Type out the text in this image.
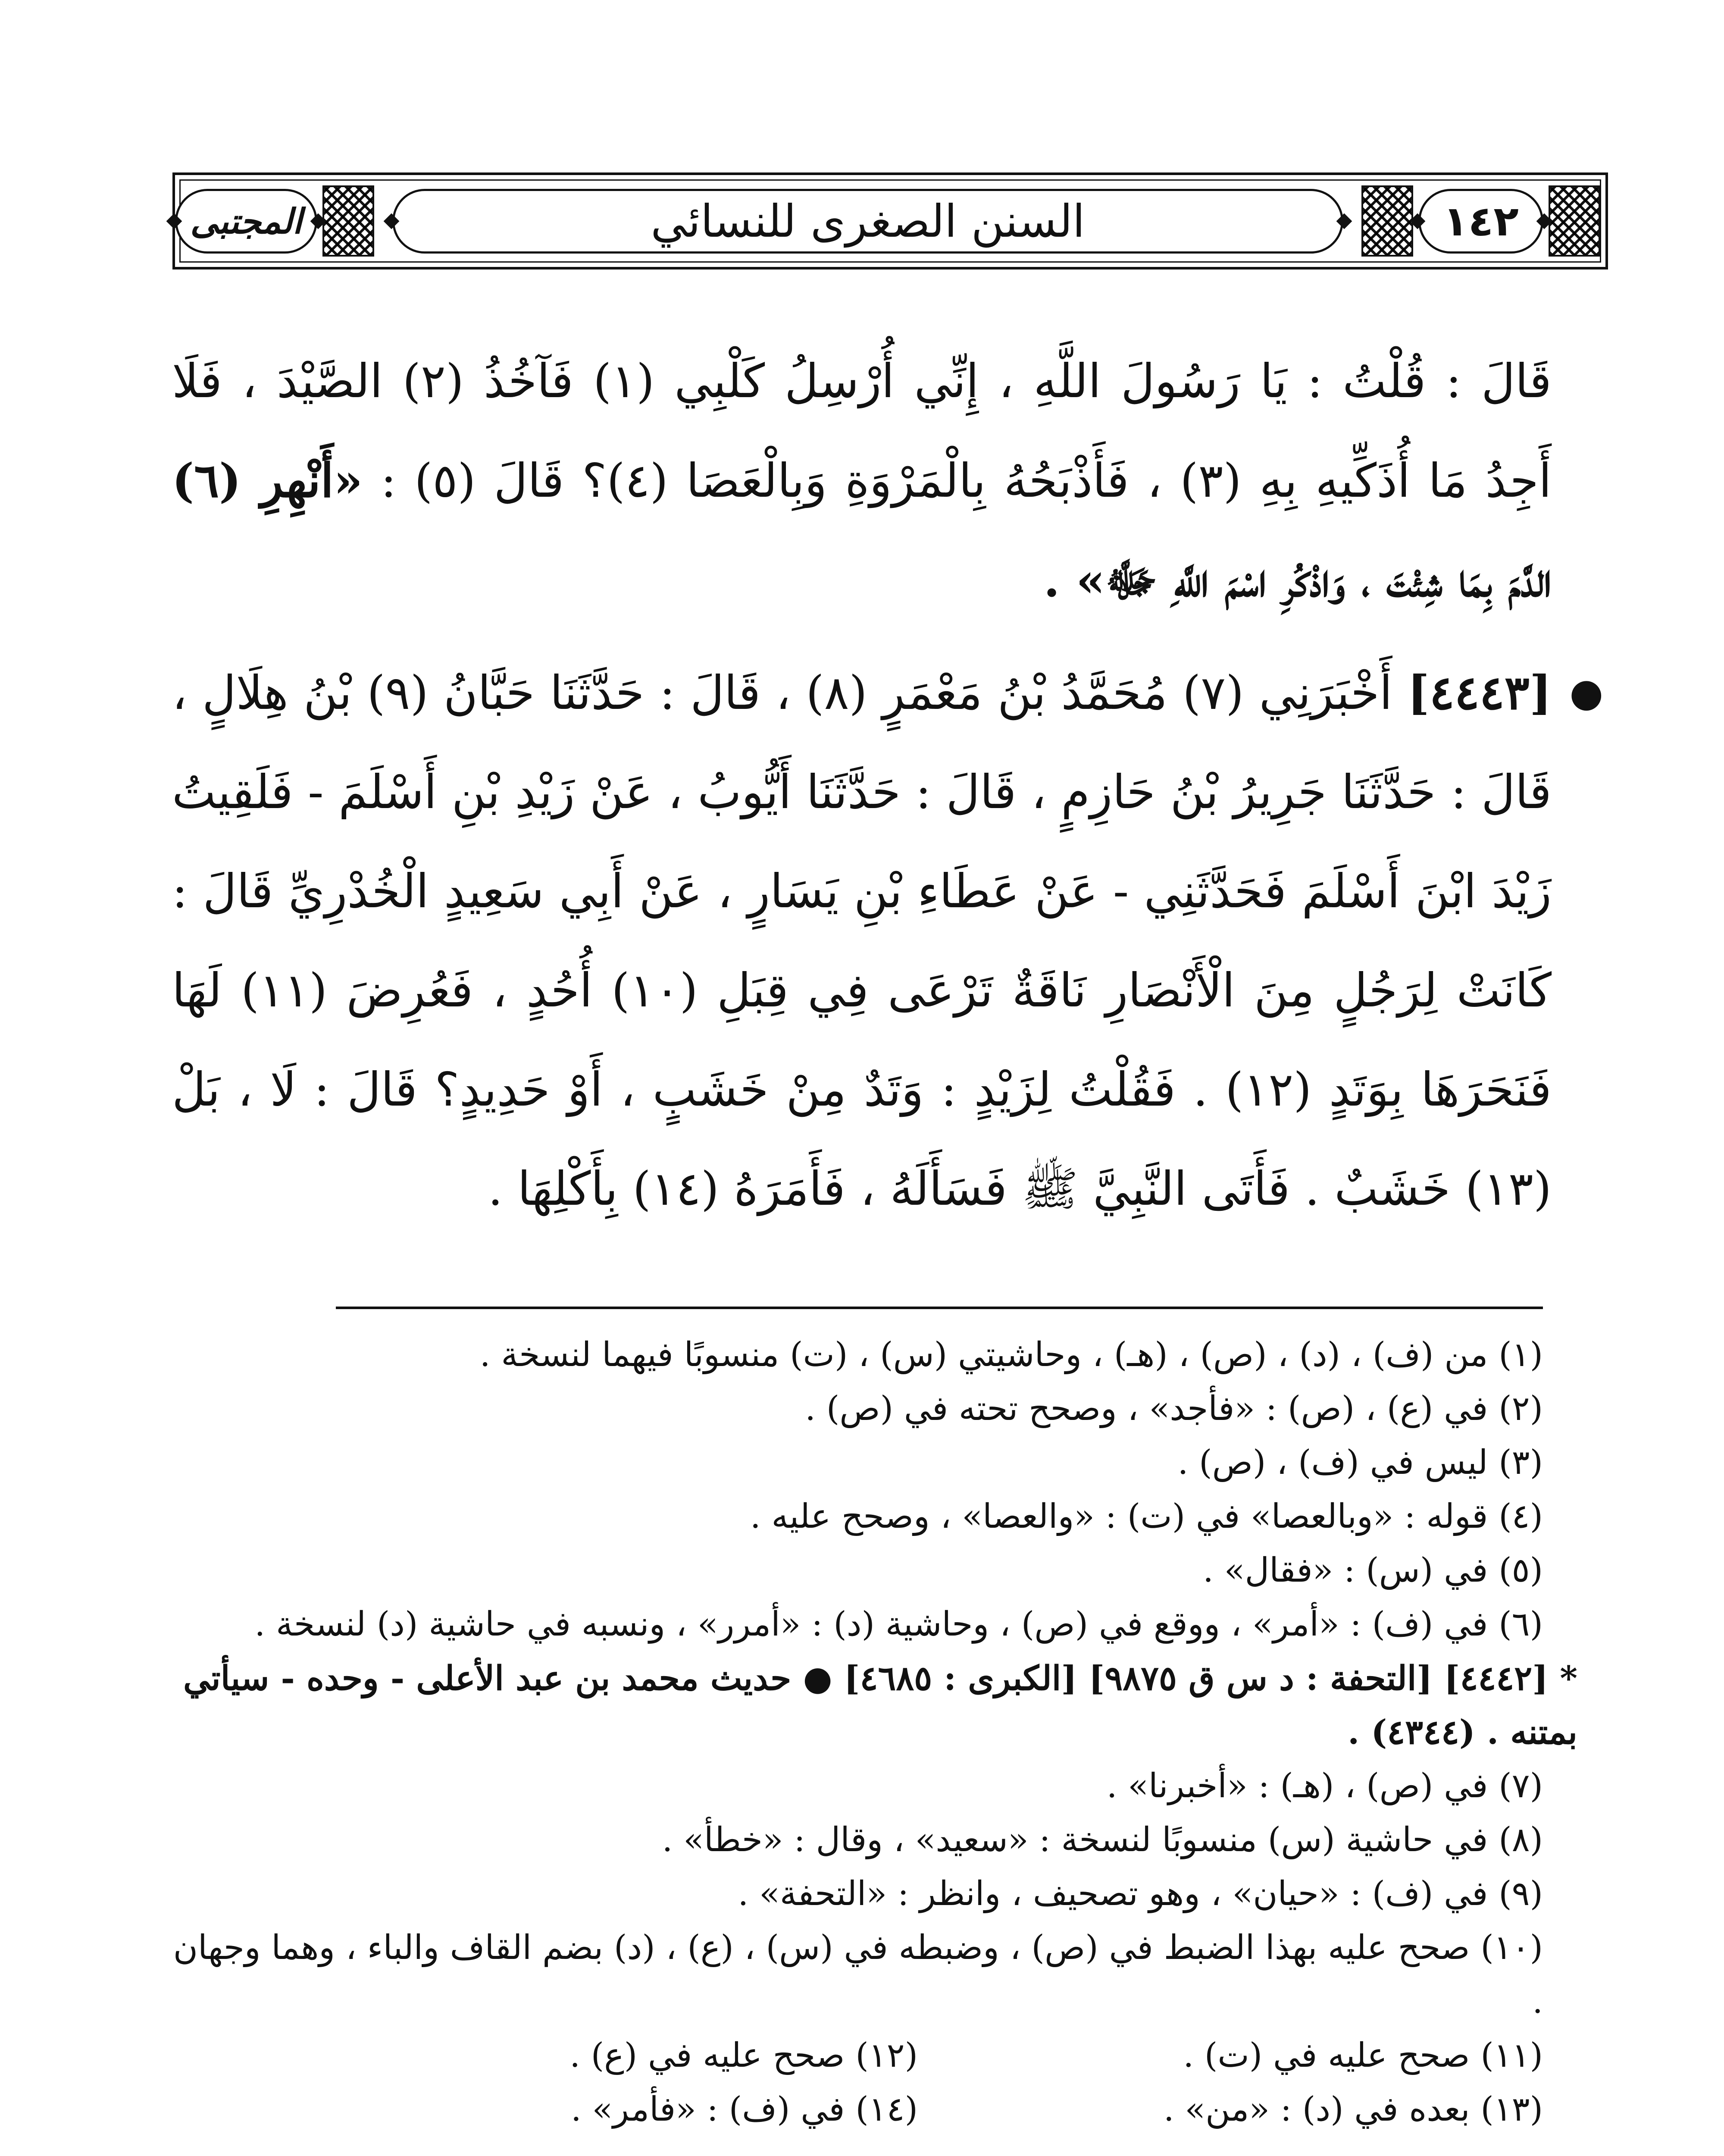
١٤٢
السنن الصغرى للنسائي
المجتبى

قَالَ : قُلْتُ : يَا رَسُولَ اللَّهِ ، إِنِّي أُرْسِلُ كَلْبِي (١) فَآخُذُ (٢) الصَّيْدَ ، فَلَا أَجِدُ مَا أُذَكِّيهِ بِهِ (٣) ، فَأَذْبَحُهُ بِالْمَرْوَةِ وَبِالْعَصَا (٤)؟ قَالَ (٥) : «أَنْهِرِ (٦) الدَّمَ بِمَا شِئْتَ ، وَاذْكُرِ اسْمَ اللَّهِ ﷻ» .

●
[٤٤٤٣] أَخْبَرَنِي (٧) مُحَمَّدُ بْنُ مَعْمَرٍ (٨) ، قَالَ : حَدَّثَنَا حَبَّانُ (٩) بْنُ هِلَالٍ ، قَالَ : حَدَّثَنَا جَرِيرُ بْنُ حَازِمٍ ، قَالَ : حَدَّثَنَا أَيُّوبُ ، عَنْ زَيْدِ بْنِ أَسْلَمَ - فَلَقِيتُ زَيْدَ ابْنَ أَسْلَمَ فَحَدَّثَنِي - عَنْ عَطَاءِ بْنِ يَسَارٍ ، عَنْ أَبِي سَعِيدٍ الْخُدْرِيِّ قَالَ : كَانَتْ لِرَجُلٍ مِنَ الْأَنْصَارِ نَاقَةٌ تَرْعَى فِي قِبَلِ (١٠) أُحُدٍ ، فَعُرِضَ (١١) لَهَا فَنَحَرَهَا بِوَتَدٍ (١٢) . فَقُلْتُ لِزَيْدٍ : وَتَدٌ مِنْ خَشَبٍ ، أَوْ حَدِيدٍ؟ قَالَ : لَا ، بَلْ (١٣) خَشَبٌ . فَأَتَى النَّبِيَّ ﷺ فَسَأَلَهُ ، فَأَمَرَهُ (١٤) بِأَكْلِهَا .

(١) من (ف) ، (د) ، (ص) ، (هـ) ، وحاشيتي (س) ، (ت) منسوبًا فيهما لنسخة .

(٢) في (ع) ، (ص) : «فأجد» ، وصحح تحته في (ص) .

(٣) ليس في (ف) ، (ص) .

(٤) قوله : «وبالعصا» في (ت) : «والعصا» ، وصحح عليه .

(٥) في (س) : «فقال» .

(٦) في (ف) : «أمر» ، ووقع في (ص) ، وحاشية (د) : «أمرر» ، ونسبه في حاشية (د) لنسخة .

* [٤٤٤٢] [التحفة : د س ق ٩٨٧٥] [الكبرى : ٤٦٨٥] ● حديث محمد بن عبد الأعلى - وحده - سيأتي بمتنه . (٤٣٤٤) .

(٧) في (ص) ، (هـ) : «أخبرنا» .

(٨) في حاشية (س) منسوبًا لنسخة : «سعيد» ، وقال : «خطأ» .

(٩) في (ف) : «حيان» ، وهو تصحيف ، وانظر : «التحفة» .

(١٠) صحح عليه بهذا الضبط في (ص) ، وضبطه في (س) ، (ع) ، (د) بضم القاف والباء ، وهما وجهان .

(١١) صحح عليه في (ت) .

(١٢) صحح عليه في (ع) .

(١٣) بعده في (د) : «من» .

(١٤) في (ف) : «فأمر» .
